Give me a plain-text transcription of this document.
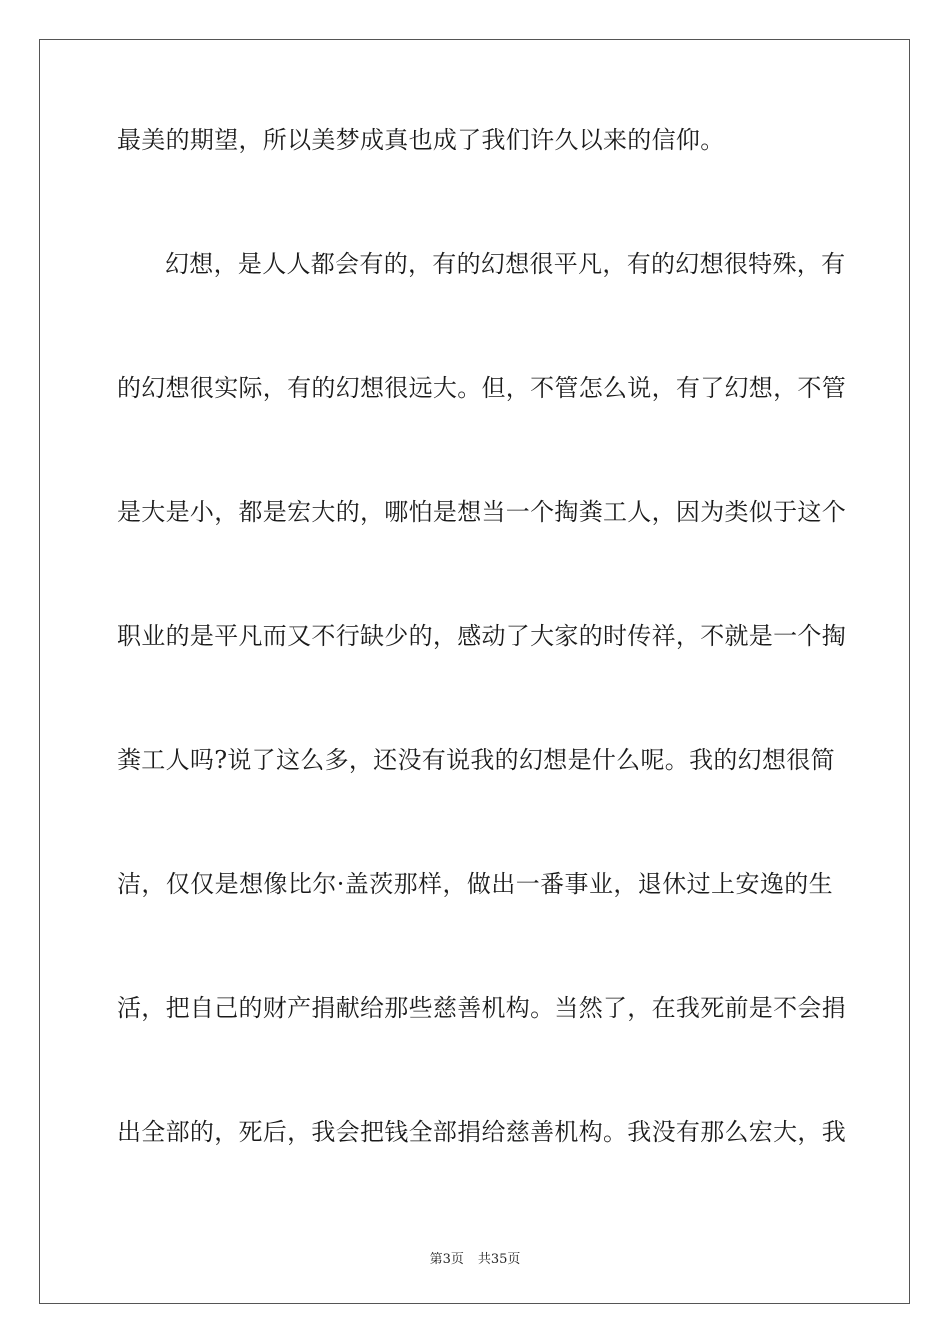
最美的期望，所以美梦成真也成了我们许久以来的信仰。
幻想，是人人都会有的，有的幻想很平凡，有的幻想很特殊，有
的幻想很实际，有的幻想很远大。但，不管怎么说，有了幻想，不管
是大是小，都是宏大的，哪怕是想当一个掏粪工人，因为类似于这个
职业的是平凡而又不行缺少的，感动了大家的时传祥，不就是一个掏
粪工人吗?说了这么多，还没有说我的幻想是什么呢。我的幻想很简
洁，仅仅是想像比尔·盖茨那样，做出一番事业，退休过上安逸的生
活，把自己的财产捐献给那些慈善机构。当然了，在我死前是不会捐
出全部的，死后，我会把钱全部捐给慈善机构。我没有那么宏大，我
第3页 共35页
